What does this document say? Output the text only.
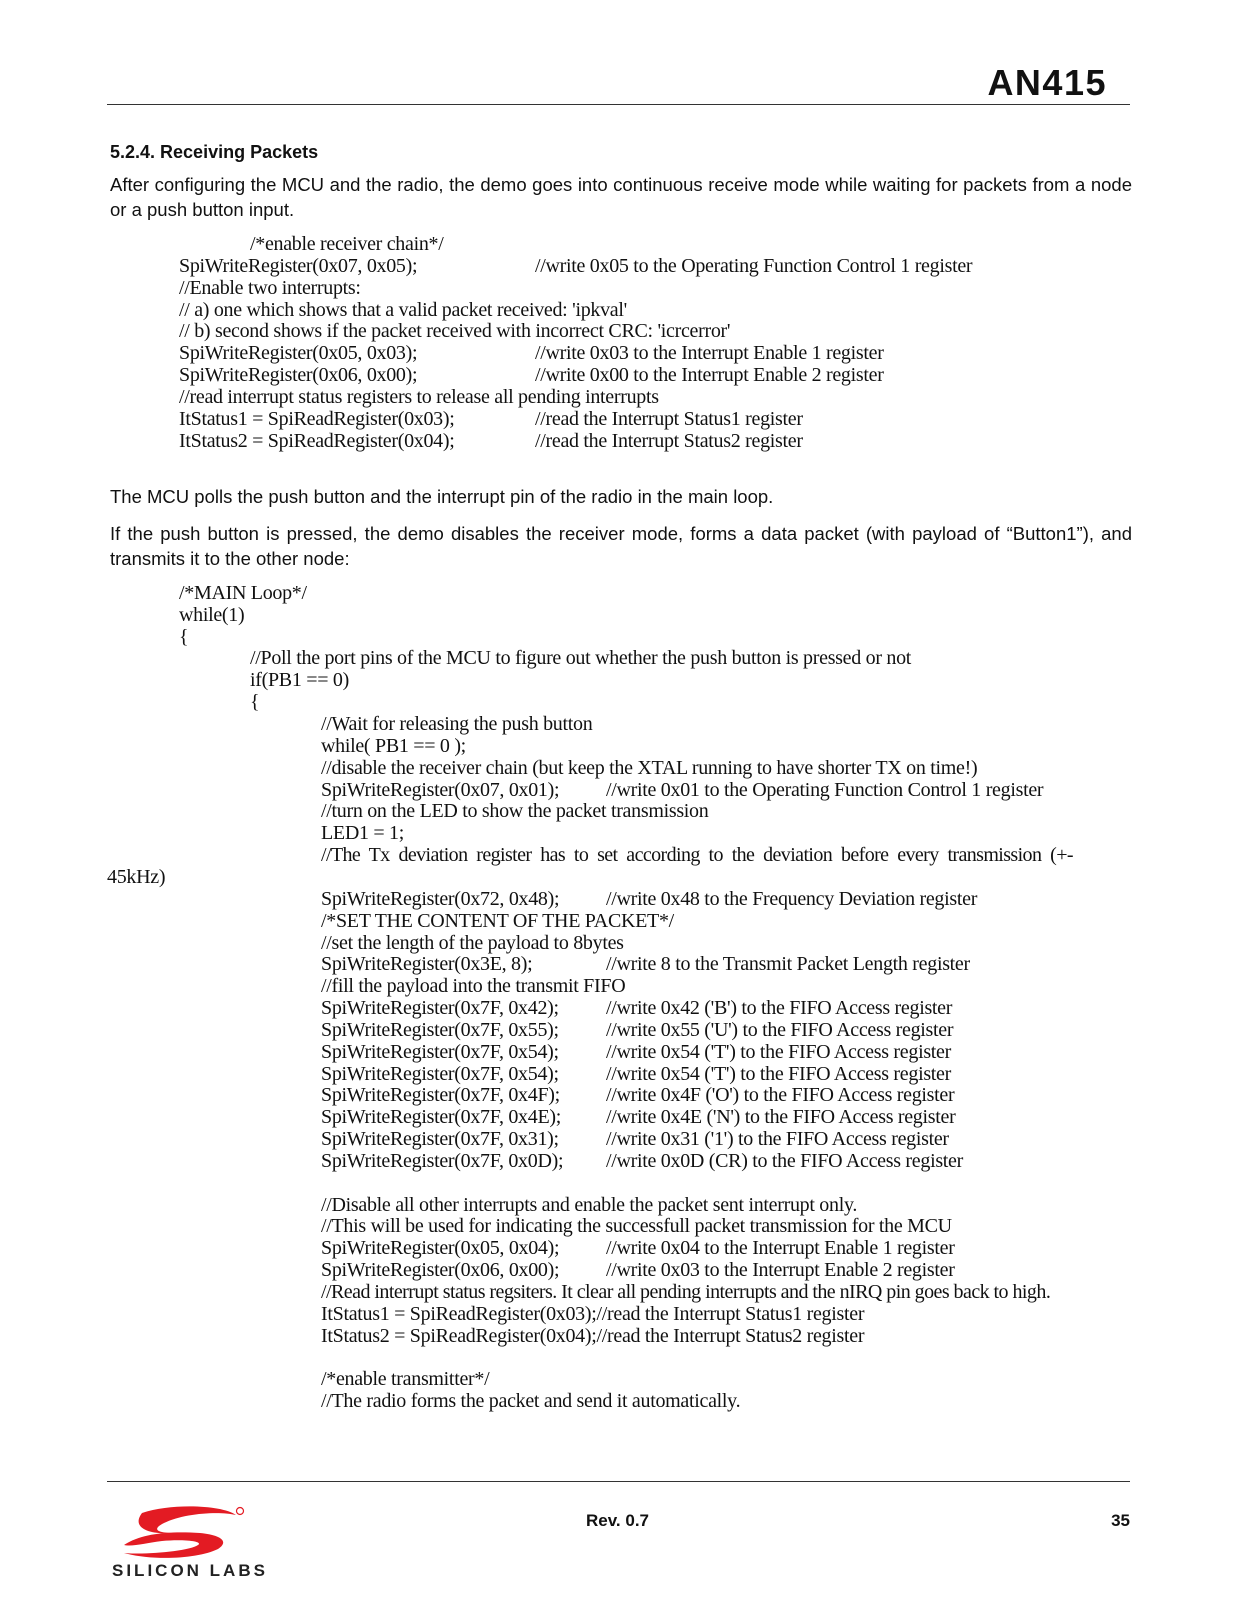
AN415
5.2.4. Receiving Packets

After configuring the MCU and the radio, the demo goes into continuous receive mode while waiting for packets from a node or a push button input.

/*enable receiver chain*/
SpiWriteRegister(0x07, 0x05);	//write 0x05 to the Operating Function Control 1 register
//Enable two interrupts:
// a) one which shows that a valid packet received: 'ipkval'
// b) second shows if the packet received with incorrect CRC: 'icrcerror'
SpiWriteRegister(0x05, 0x03);	//write 0x03 to the Interrupt Enable 1 register
SpiWriteRegister(0x06, 0x00);	//write 0x00 to the Interrupt Enable 2 register
//read interrupt status registers to release all pending interrupts
ItStatus1 = SpiReadRegister(0x03);	//read the Interrupt Status1 register
ItStatus2 = SpiReadRegister(0x04);	//read the Interrupt Status2 register

The MCU polls the push button and the interrupt pin of the radio in the main loop.

If the push button is pressed, the demo disables the receiver mode, forms a data packet (with payload of “Button1”), and transmits it to the other node:

/*MAIN Loop*/
while(1)
{
//Poll the port pins of the MCU to figure out whether the push button is pressed or not
if(PB1 == 0)
{
//Wait for releasing the push button
while( PB1 == 0 );
//disable the receiver chain (but keep the XTAL running to have shorter TX on time!)
SpiWriteRegister(0x07, 0x01); //write 0x01 to the Operating Function Control 1 register
//turn on the LED to show the packet transmission
LED1 = 1;
//The  Tx  deviation  register  has  to  set  according  to  the  deviation  before  every  transmission  (+-
45kHz)
SpiWriteRegister(0x72, 0x48); //write 0x48 to the Frequency Deviation register
/*SET THE CONTENT OF THE PACKET*/
//set the length of the payload to 8bytes
SpiWriteRegister(0x3E, 8);	//write 8 to the Transmit Packet Length register
//fill the payload into the transmit FIFO
SpiWriteRegister(0x7F, 0x42); //write 0x42 ('B') to the FIFO Access register
SpiWriteRegister(0x7F, 0x55); //write 0x55 ('U') to the FIFO Access register
SpiWriteRegister(0x7F, 0x54); //write 0x54 ('T') to the FIFO Access register
SpiWriteRegister(0x7F, 0x54); //write 0x54 ('T') to the FIFO Access register
SpiWriteRegister(0x7F, 0x4F); //write 0x4F ('O') to the FIFO Access register
SpiWriteRegister(0x7F, 0x4E); //write 0x4E ('N') to the FIFO Access register
SpiWriteRegister(0x7F, 0x31); //write 0x31 ('1') to the FIFO Access register
SpiWriteRegister(0x7F, 0x0D); //write 0x0D (CR) to the FIFO Access register
//Disable all other interrupts and enable the packet sent interrupt only.
//This will be used for indicating the successfull packet transmission for the MCU
SpiWriteRegister(0x05, 0x04); //write 0x04 to the Interrupt Enable 1 register
SpiWriteRegister(0x06, 0x00); //write 0x03 to the Interrupt Enable 2 register
//Read interrupt status regsiters. It clear all pending interrupts and the nIRQ pin goes back to high.
ItStatus1 = SpiReadRegister(0x03);//read the Interrupt Status1 register
ItStatus2 = SpiReadRegister(0x04);//read the Interrupt Status2 register
/*enable transmitter*/
//The radio forms the packet and send it automatically.
SILICON LABS
Rev. 0.7	35
